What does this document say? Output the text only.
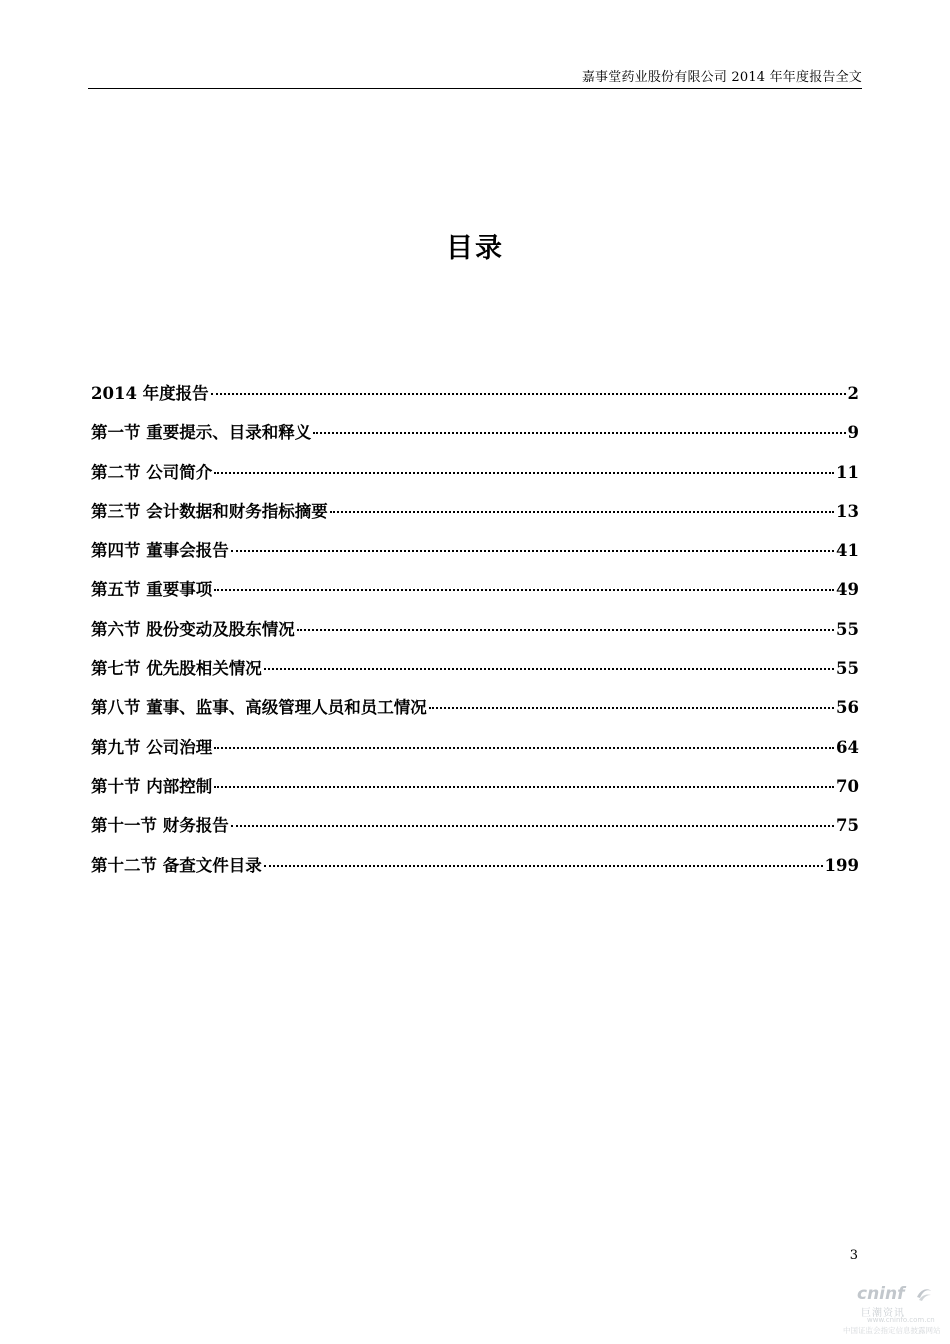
嘉事堂药业股份有限公司 2014 年年度报告全文
目录
2014 年度报告	2
第一节 重要提示、目录和释义	9
第二节 公司简介	11
第三节 会计数据和财务指标摘要	13
第四节 董事会报告	41
第五节 重要事项	49
第六节 股份变动及股东情况	55
第七节 优先股相关情况	55
第八节 董事、监事、高级管理人员和员工情况	56
第九节 公司治理	64
第十节 内部控制	70
第十一节 财务报告	75
第十二节 备查文件目录	199
3
cninf
巨潮资讯
www.cninfo.com.cn
中国证监会指定信息披露网站
